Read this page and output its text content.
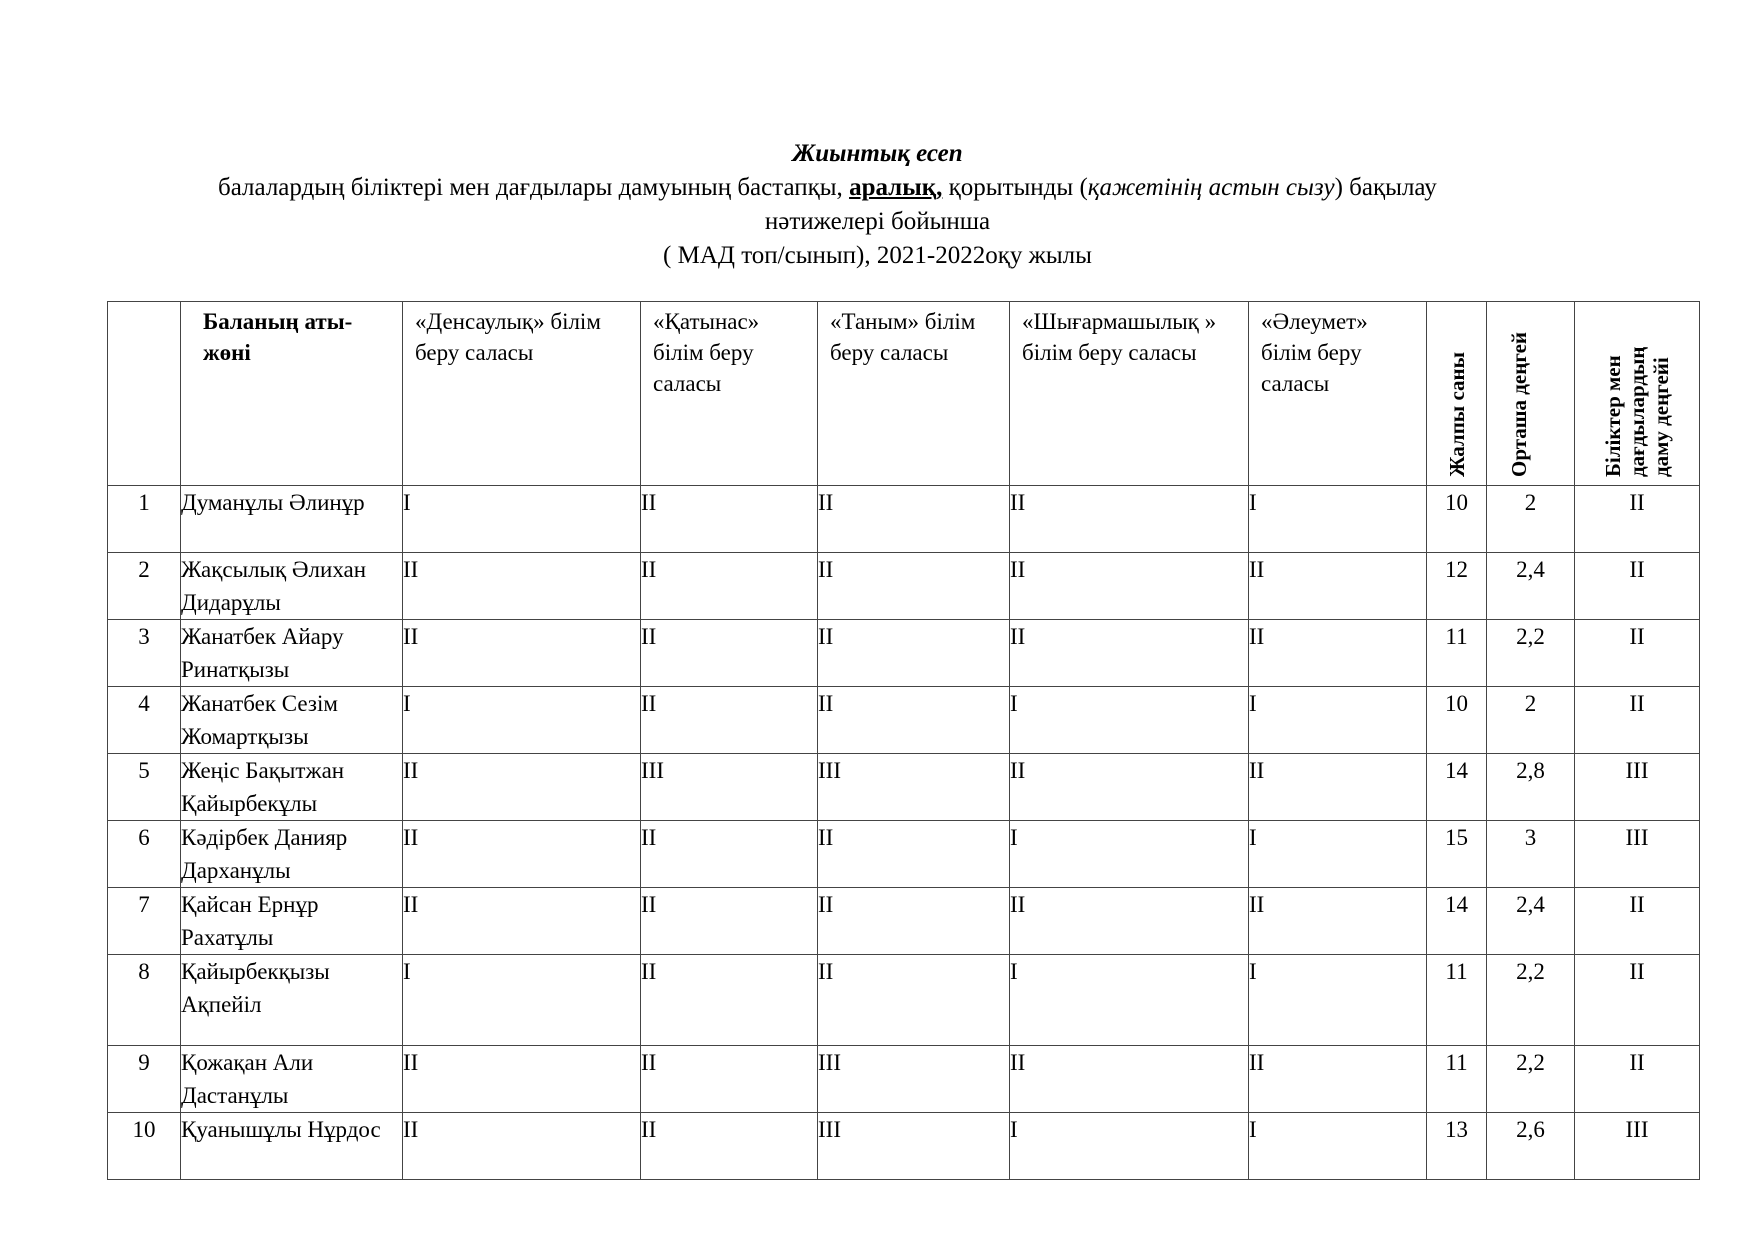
Жиынтық есеп
балалардың біліктері мен дағдылары дамуының бастапқы, аралық, қорытынды (қажетінің астын сызу) бақылау
нәтижелері бойынша
( МАД топ/сынып), 2021-2022оқу жылы

	Баланың аты- жөні	«Денсаулық» білім беру саласы	«Қатынас» білім беру саласы	«Таным» білім беру саласы	«Шығармашылық » білім беру саласы	«Әлеумет» білім беру саласы	Жалпы саны	Орташа деңгей	Біліктер мен дағдылардың даму деңгейі

1	Думанұлы Әлинұр	I	II	II	II	I	10	2	II
2	Жақсылық Әлихан Дидарұлы	II	II	II	II	II	12	2,4	II
3	Жанатбек Айару Ринатқызы	II	II	II	II	II	11	2,2	II
4	Жанатбек Сезім Жомартқызы	I	II	II	I	I	10	2	II
5	Жеңіс Бақытжан Қайырбекұлы	II	III	III	II	II	14	2,8	III
6	Кәдірбек Данияр Дарханұлы	II	II	II	I	I	15	3	III
7	Қайсан Ернұр Рахатұлы	II	II	II	II	II	14	2,4	II
8	Қайырбекқызы Ақпейіл	I	II	II	I	I	11	2,2	II
9	Қожақан Али Дастанұлы	II	II	III	II	II	11	2,2	II
10	Қуанышұлы Нұрдос	II	II	III	I	I	13	2,6	III
